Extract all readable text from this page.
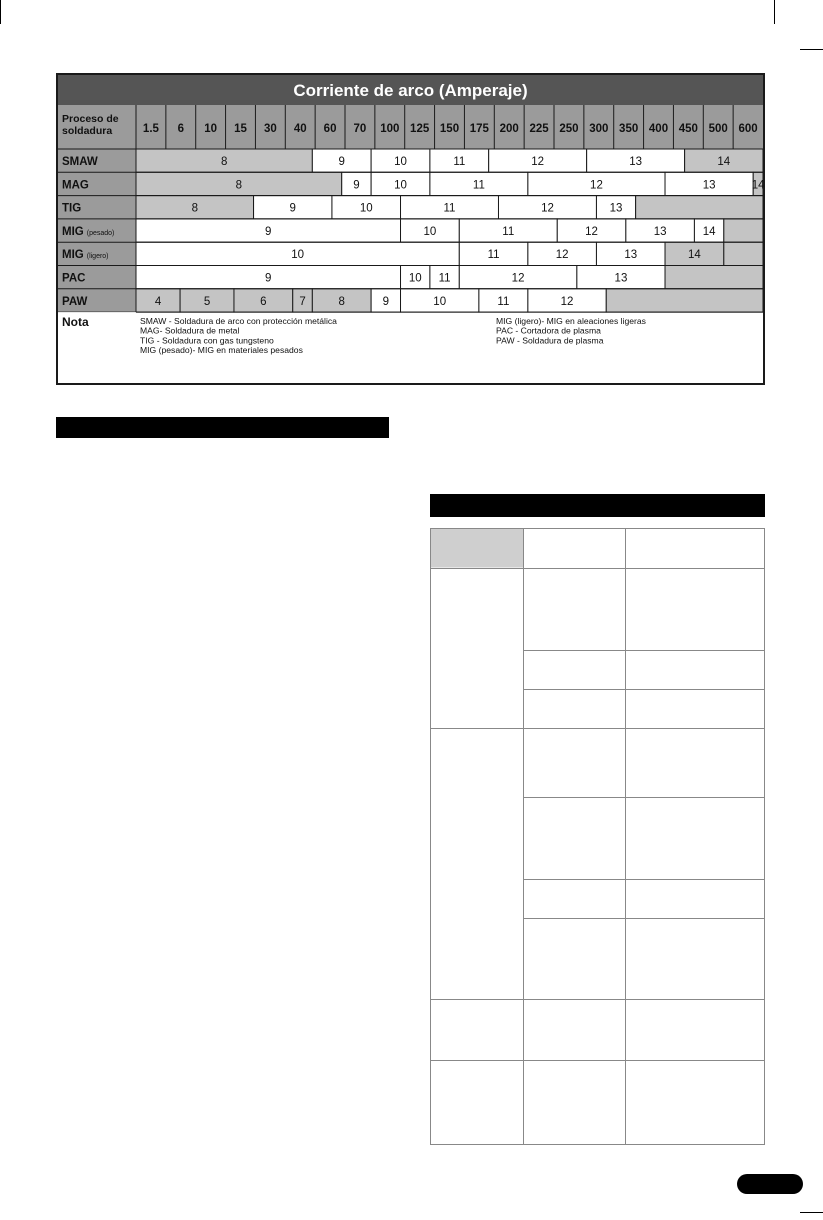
Corriente de arco (Amperaje)
Proceso de
soldadura	1.5 6 10 15 30 40 60 70 100 125 150 175 200 225 250 300 350 400 450 500 600
SMAW	8	9	10	11	12	13	14
MAG	8	9	10	11	12	13	14
TIG	8	9	10	11	12	13
MIG (pesado)	9	10	11	12	13	14
MIG (ligero)	10	11	12	13	14
PAC	9	10 11	12	13
PAW	4	5	6	7	8	9	10	11	12
Nota	SMAW - Soldadura de arco con protección metálica
MAG- Soldadura de metal
TIG - Soldadura con gas tungsteno
MIG (pesado)- MIG en materiales pesados
MIG (ligero)- MIG en aleaciones ligeras
PAC - Cortadora de plasma
PAW - Soldadura de plasma
